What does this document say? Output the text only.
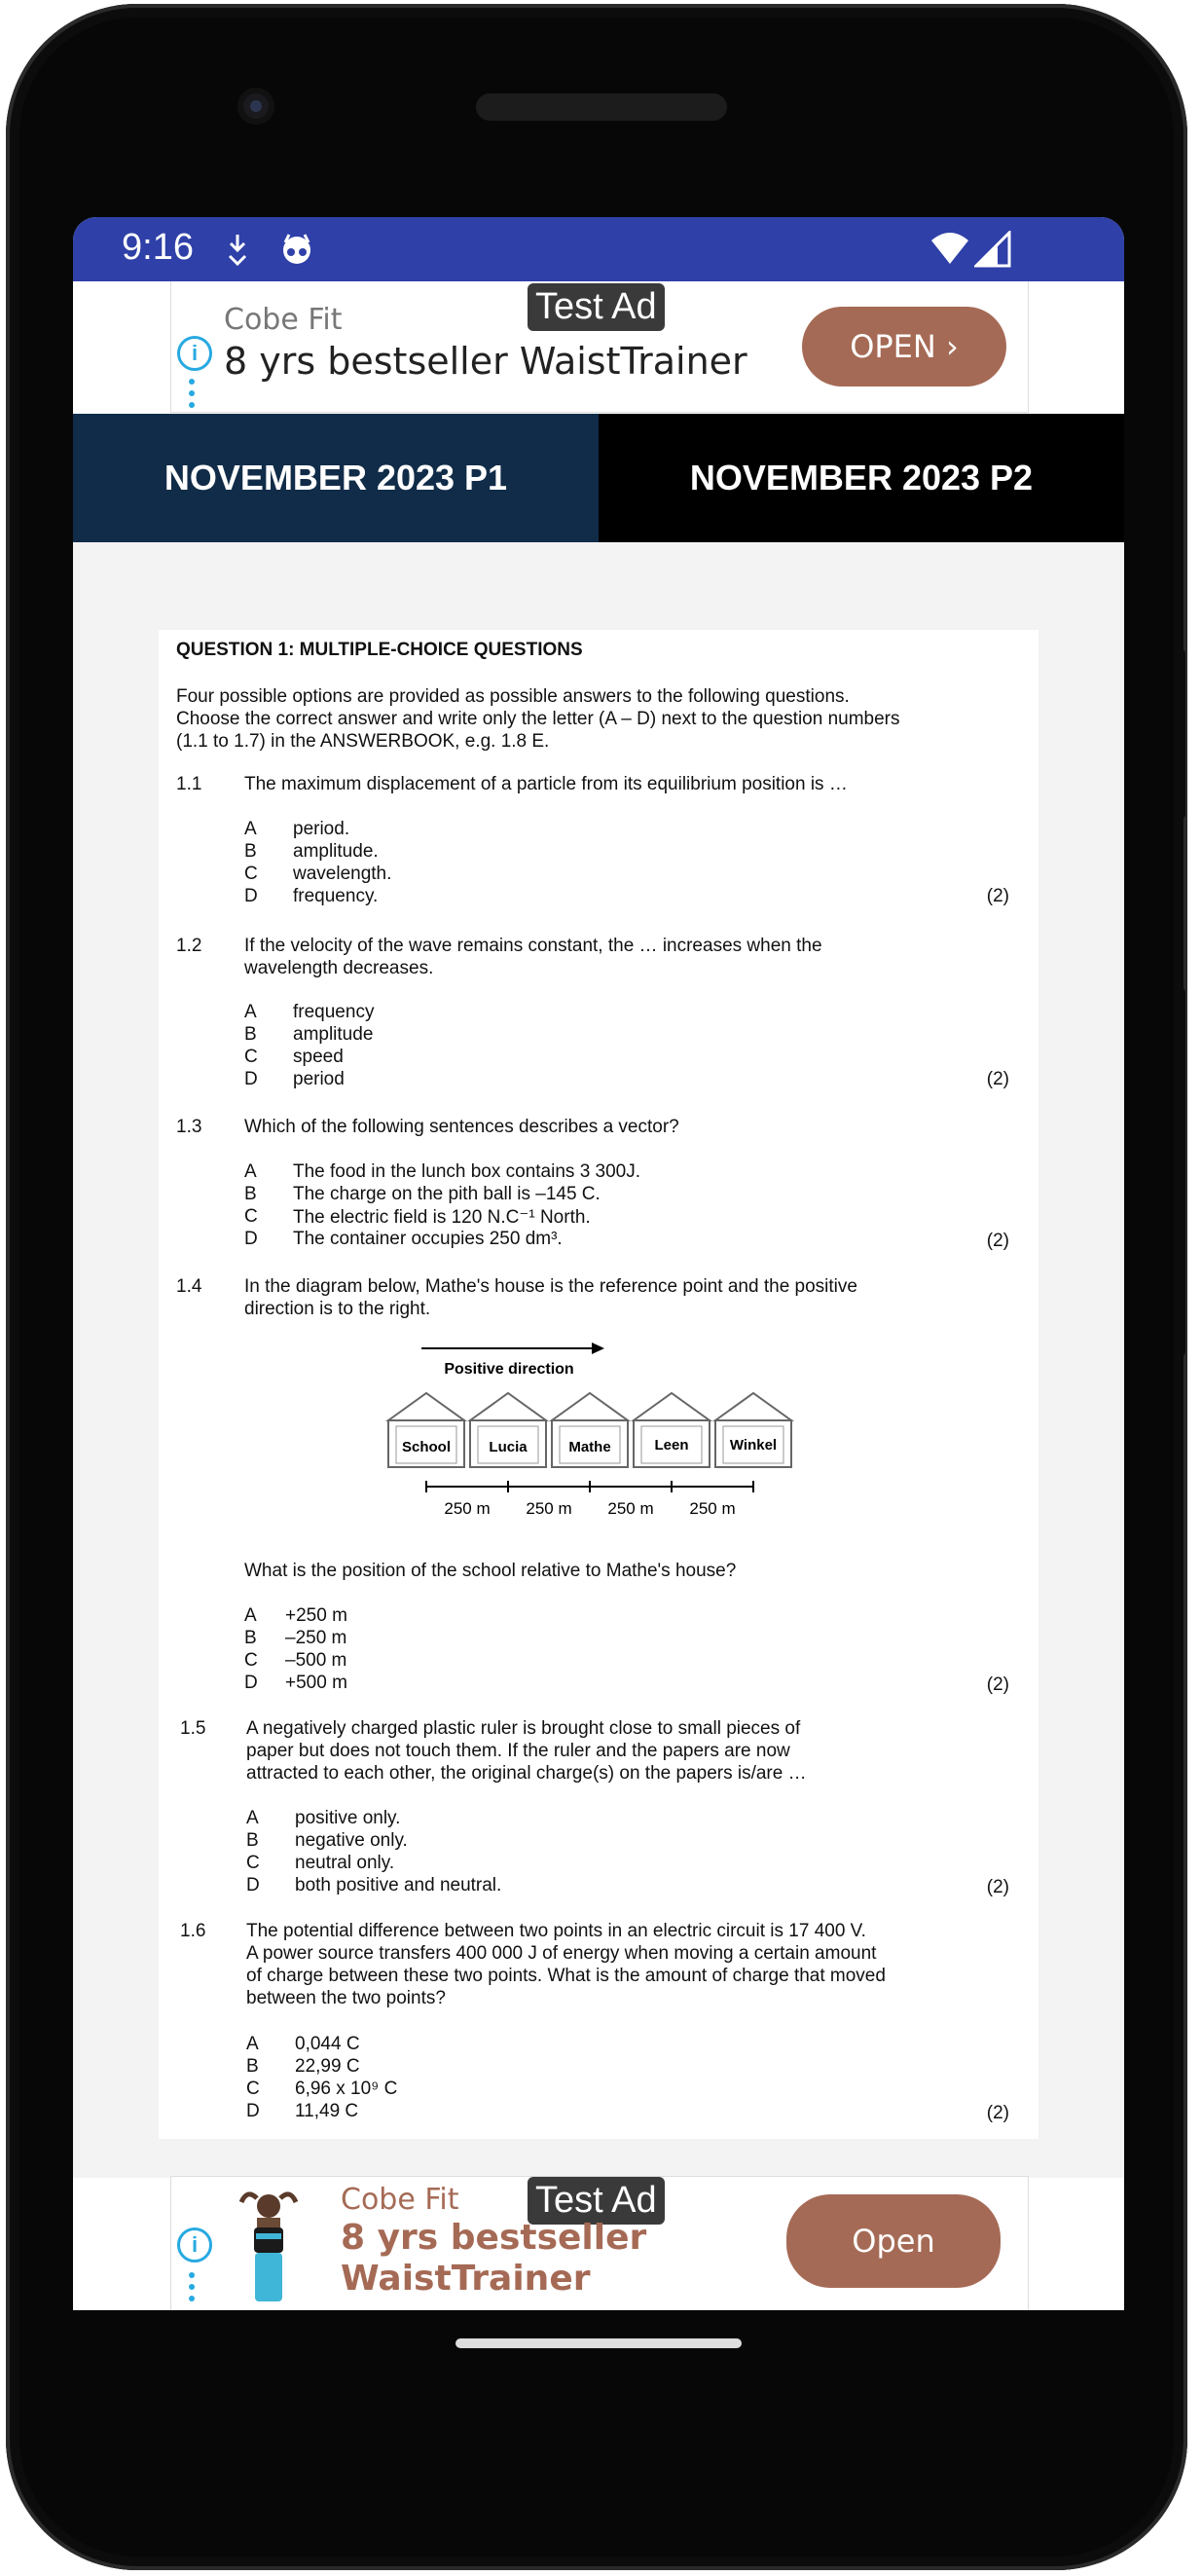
9:16
Test Ad
i
Cobe Fit
8 yrs bestseller WaistTrainer	OPEN ›
NOVEMBER 2023 P1	NOVEMBER 2023 P2
QUESTION 1: MULTIPLE-CHOICE QUESTIONS
Four possible options are provided as possible answers to the following questions.
Choose the correct answer and write only the letter (A – D) next to the question numbers
(1.1 to 1.7) in the ANSWERBOOK, e.g. 1.8 E.
1.1 The maximum displacement of a particle from its equilibrium position is …
A period.
B amplitude.
C wavelength.
D frequency.	(2)
1.2 If the velocity of the wave remains constant, the … increases when the
wavelength decreases.
A frequency
B amplitude
C speed
D period	(2)
1.3 Which of the following sentences describes a vector?
A The food in the lunch box contains 3 300J.
B The charge on the pith ball is –145 C.
C The electric field is 120 N.C⁻¹ North.
D The container occupies 250 dm³.	(2)
1.4 In the diagram below, Mathe's house is the reference point and the positive
direction is to the right.
Positive direction
School	Lucia	Mathe	Leen	Winkel
250 m 250 m 250 m 250 m
What is the position of the school relative to Mathe's house?
A +250 m
B –250 m
C –500 m
D +500 m	(2)
1.5 A negatively charged plastic ruler is brought close to small pieces of
paper but does not touch them. If the ruler and the papers are now
attracted to each other, the original charge(s) on the papers is/are …
A positive only.
B negative only.
C neutral only.
D both positive and neutral.	(2)
1.6 The potential difference between two points in an electric circuit is 17 400 V.
A power source transfers 400 000 J of energy when moving a certain amount
of charge between these two points. What is the amount of charge that moved
between the two points?
A 0,044 C
B 22,99 C
C 6,96 x 10⁹ C
D 11,49 C	(2)
Test Ad
i
Cobe Fit
8 yrs bestseller
WaistTrainer
Open
